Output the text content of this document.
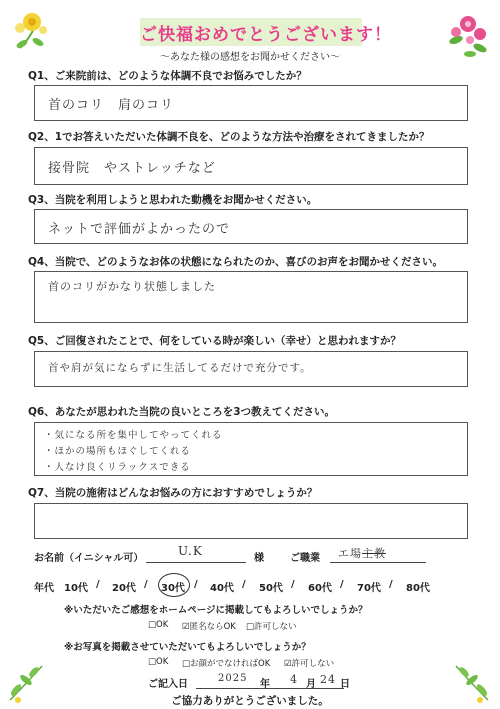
ご快福おめでとうございます！
〜あなた様の感想をお聞かせください〜
Q1、ご来院前は、どのような体調不良でお悩みでしたか？
首のコリ　肩のコリ
Q2、1でお答えいただいた体調不良を、どのような方法や治療をされてきましたか？
接骨院　やストレッチなど
Q3、当院を利用しようと思われた動機をお聞かせください。
ネットで評価がよかったので
Q4、当院で、どのようなお体の状態になられたのか、喜びのお声をお聞かせください。
首のコリがかなり状態しました
Q5、ご回復されたことで、何をしている時が楽しい（幸せ）と思われますか？
首や肩が気にならずに生活してるだけで充分です。
Q6、あなたが思われた当院の良いところを3つ教えてください。
・気になる所を集中してやってくれる
・ほかの場所もほぐしてくれる
・人なけ良くリラックスできる
Q7、当院の施術はどんなお悩みの方におすすめでしょうか？
お名前（イニシャル可）
U.K
様	ご職業 エ場 主教
年代 10代 / 20代 / 30代 / 40代 / 50代 / 60代 / 70代 / 80代
※いただいたご感想をホームページに掲載してもよろしいでしょうか？
□OK ☑匿名ならOK □許可しない
※お写真を掲載させていただいてもよろしいでしょうか？
□OK □お顔がでなければOK ☑許可しない
ご記入日
2025
年 4 月 24 日
ご協力ありがとうございました。
